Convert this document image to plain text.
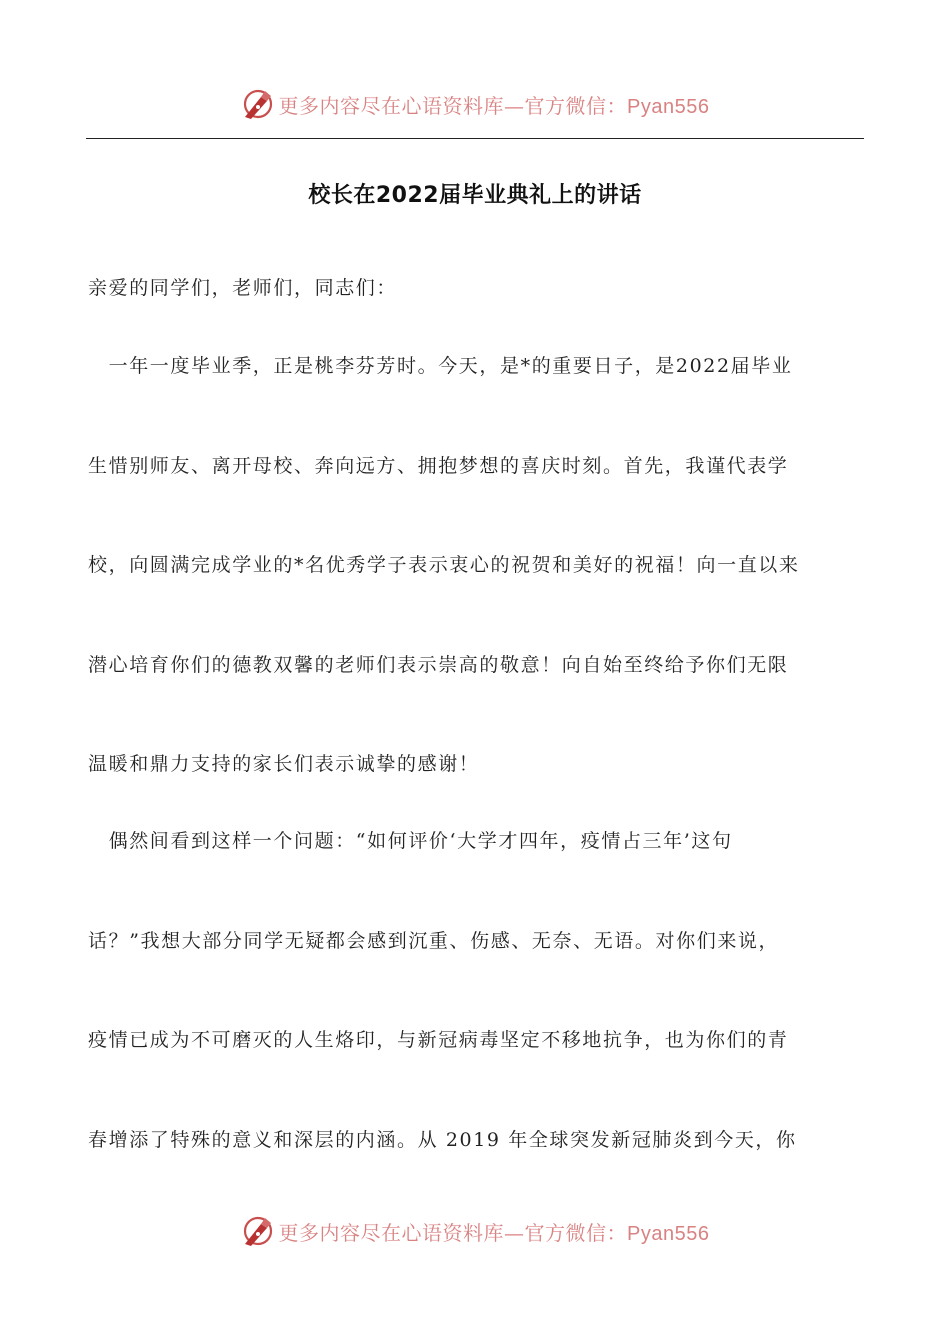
更多内容尽在心语资料库—官方微信：Pyan556
校长在2022届毕业典礼上的讲话
亲爱的同学们，老师们，同志们：
　一年一度毕业季，正是桃李芬芳时。今天，是*的重要日子，是2022届毕业
生惜别师友、离开母校、奔向远方、拥抱梦想的喜庆时刻。首先，我谨代表学
校，向圆满完成学业的*名优秀学子表示衷心的祝贺和美好的祝福！向一直以来
潜心培育你们的德教双馨的老师们表示崇高的敬意！向自始至终给予你们无限
温暖和鼎力支持的家长们表示诚挚的感谢！
　偶然间看到这样一个问题：“如何评价‘大学才四年，疫情占三年’这句
话？”我想大部分同学无疑都会感到沉重、伤感、无奈、无语。对你们来说，
疫情已成为不可磨灭的人生烙印，与新冠病毒坚定不移地抗争，也为你们的青
春增添了特殊的意义和深层的内涵。从 2019 年全球突发新冠肺炎到今天，你
更多内容尽在心语资料库—官方微信：Pyan556
